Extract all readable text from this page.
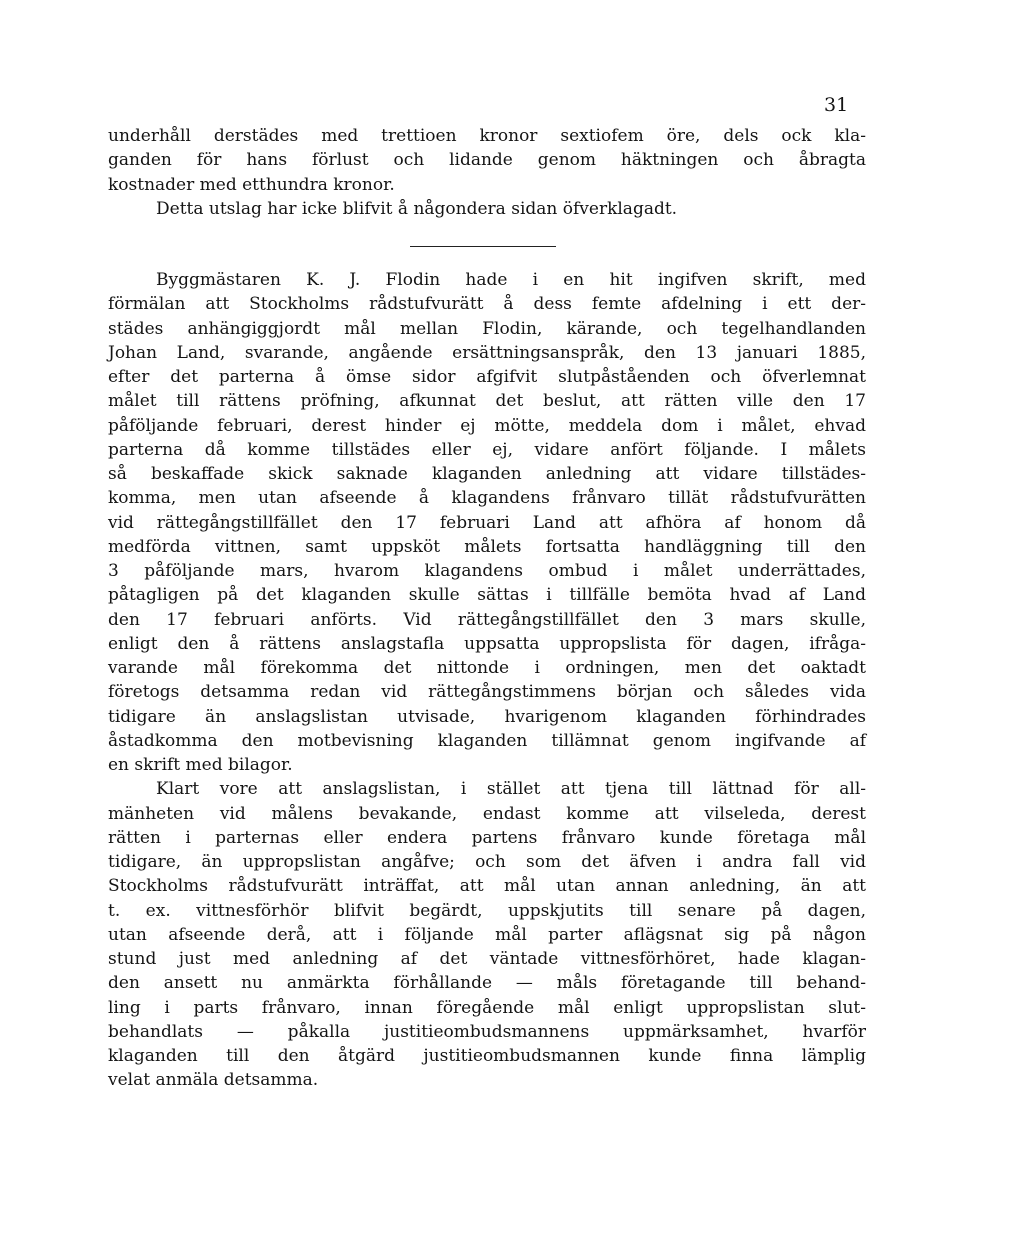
31
underhåll derstädes med trettioen kronor sextiofem öre, dels ock kla-
ganden för hans förlust och lidande genom häktningen och åbragta
kostnader med etthundra kronor.
Detta utslag har icke blifvit å någondera sidan öfverklagadt.
Byggmästaren K. J. Flodin hade i en hit ingifven skrift, med
förmälan att Stockholms rådstufvurätt å dess femte afdelning i ett der-
städes anhängiggjordt mål mellan Flodin, kärande, och tegelhandlanden
Johan Land, svarande, angående ersättningsanspråk, den 13 januari 1885,
efter det parterna å ömse sidor afgifvit slutpåståenden och öfverlemnat
målet till rättens pröfning, afkunnat det beslut, att rätten ville den 17
påföljande februari, derest hinder ej mötte, meddela dom i målet, ehvad
parterna då komme tillstädes eller ej, vidare anfört följande. I målets
så beskaffade skick saknade klaganden anledning att vidare tillstädes-
komma, men utan afseende å klagandens frånvaro tillät rådstufvurätten
vid rättegångstillfället den 17 februari Land att afhöra af honom då
medförda vittnen, samt uppsköt målets fortsatta handläggning till den
3 påföljande mars, hvarom klagandens ombud i målet underrättades,
påtagligen på det klaganden skulle sättas i tillfälle bemöta hvad af Land
den 17 februari anförts. Vid rättegångstillfället den 3 mars skulle,
enligt den å rättens anslagstafla uppsatta uppropslista för dagen, ifråga-
varande mål förekomma det nittonde i ordningen, men det oaktadt
företogs detsamma redan vid rättegångstimmens början och således vida
tidigare än anslagslistan utvisade, hvarigenom klaganden förhindrades
åstadkomma den motbevisning klaganden tillämnat genom ingifvande af
en skrift med bilagor.
Klart vore att anslagslistan, i stället att tjena till lättnad för all-
mänheten vid målens bevakande, endast komme att vilseleda, derest
rätten i parternas eller endera partens frånvaro kunde företaga mål
tidigare, än uppropslistan angåfve; och som det äfven i andra fall vid
Stockholms rådstufvurätt inträffat, att mål utan annan anledning, än att
t. ex. vittnesförhör blifvit begärdt, uppskjutits till senare på dagen,
utan afseende derå, att i följande mål parter aflägsnat sig på någon
stund just med anledning af det väntade vittnesförhöret, hade klagan-
den ansett nu anmärkta förhållande — måls företagande till behand-
ling i parts frånvaro, innan föregående mål enligt uppropslistan slut-
behandlats — påkalla justitieombudsmannens uppmärksamhet, hvarför
klaganden till den åtgärd justitieombudsmannen kunde finna lämplig
velat anmäla detsamma.
